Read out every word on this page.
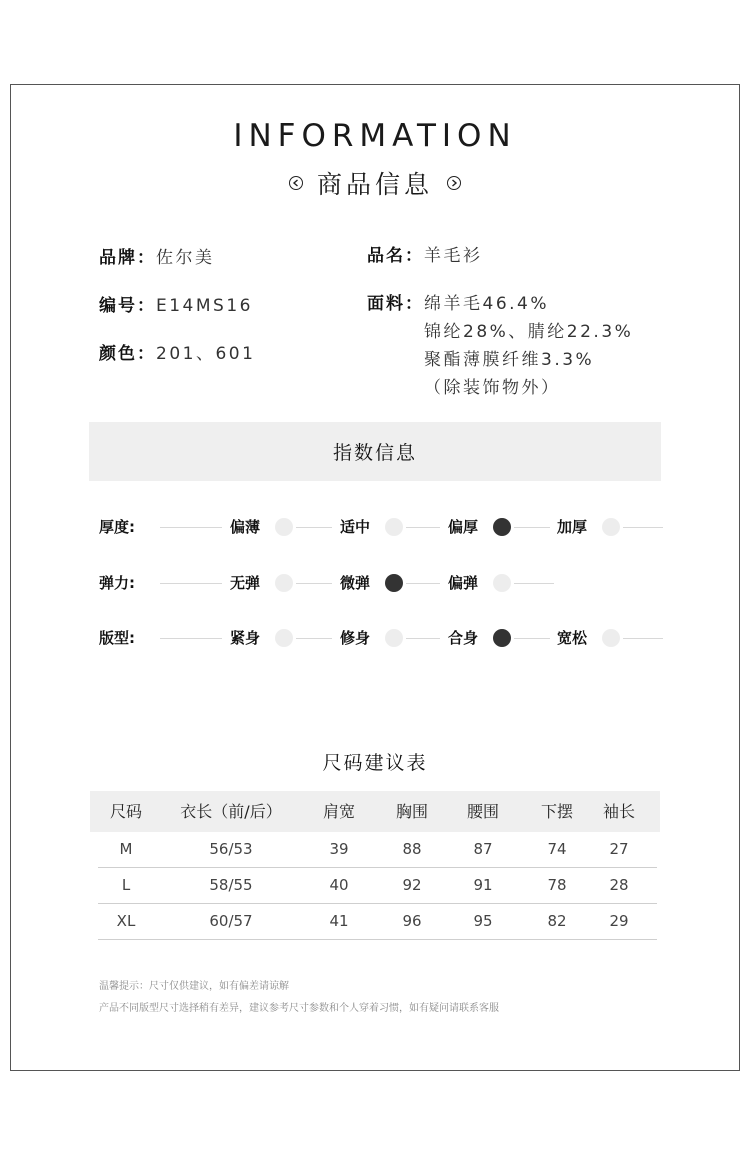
INFORMATION
商品信息
品牌：佐尔美	品名：羊毛衫
编号：E14MS16	面料： 绵羊毛46.4%
锦纶28%、腈纶22.3%
聚酯薄膜纤维3.3%
（除装饰物外）
颜色：201、601
指数信息
厚度:	偏薄	适中	偏厚	加厚
弹力:	无弹	微弹	偏弹
版型:	紧身	修身	合身	宽松
尺码建议表
尺码	衣长（前/后）	肩宽	胸围	腰围	下摆	袖长
M	56/53	39	88	87	74	27
L	58/55	40	92	91	78	28
XL	60/57	41	96	95	82	29
温馨提示：尺寸仅供建议，如有偏差请谅解
产品不同版型尺寸选择稍有差异，建议参考尺寸参数和个人穿着习惯，如有疑问请联系客服
